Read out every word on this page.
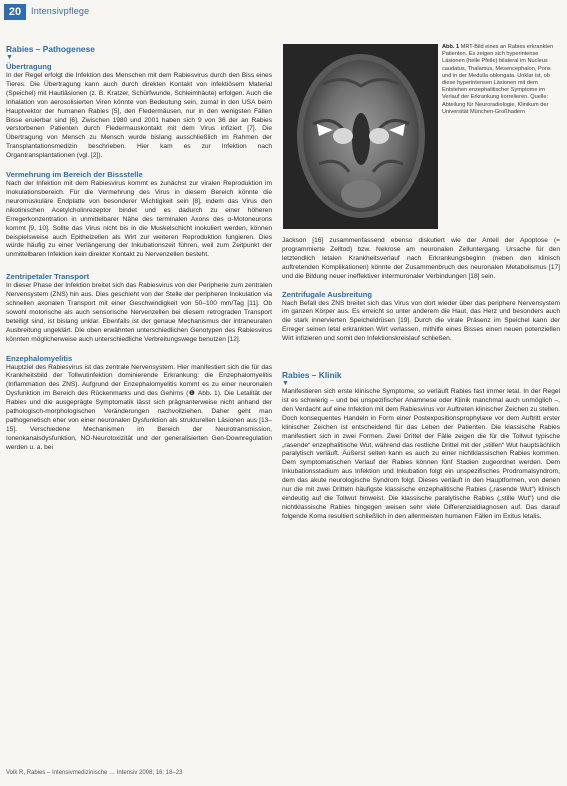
20	Intensivpflege
Rabies – Pathogenese
▼
Übertragung

In der Regel erfolgt die Infektion des Menschen mit dem Rabiesvirus durch den Biss eines Tieres. Die Übertragung kann auch durch direkten Kontakt von infektiösem Material (Speichel) mit Hautläsionen (z. B. Kratzer, Schürfwunde, Schleimhäute) erfolgen. Auch die Inhalation von aerosolisierten Viren könnte von Bedeutung sein, zumal in den USA beim Hauptvektor der humanen Rabies [5], den Fledermäusen, nur in den wenigsten Fällen Bisse eruierbar sind [6]. Zwischen 1980 und 2001 haben sich 9 von 36 der an Rabies verstorbenen Patienten durch Fledermauskontakt mit dem Virus infiziert [7]. Die Übertragung von Mensch zu Mensch wurde bislang ausschließlich im Rahmen der Transplantationsmedizin beschrieben. Hier kam es zur Infektion nach Organtransplantationen (vgl. [2]).

Vermehrung im Bereich der Bissstelle

Nach der Infektion mit dem Rabiesvirus kommt es zunächst zur viralen Reproduktion im Inokulationsbereich. Für die Vermehrung des Virus in diesem Bereich könnte die neuromuskuläre Endplatte von besonderer Wichtigkeit sein [8], indem das Virus den nikotinischen Acetylcholinrezeptor bindet und es dadurch zu einer höheren Erregerkonzentration in unmittelbarer Nähe des terminalen Axons des α-Motoneurons kommt [9, 10]. Sollte das Virus nicht bis in die Muskelschicht inokuliert werden, können beispielsweise auch Epithelzellen als Wirt zur weiteren Reproduktion fungieren. Dies würde häufig zu einer Verlängerung der Inkubationszeit führen, weil zum Zeitpunkt der unmittelbaren Infektion kein direkter Kontakt zu Nervenzellen besteht.

Zentripetaler Transport

In dieser Phase der Infektion breitet sich das Rabiesvirus von der Peripherie zum zentralen Nervensystem (ZNS) hin aus. Dies geschieht von der Stelle der peripheren Inokulation via schnellen axonalen Transport mit einer Geschwindigkeit von 50–100 mm/Tag [11]. Ob sowohl motorische als auch sensorische Nervenzellen bei diesem retrograden Transport beteiligt sind, ist bislang unklar. Ebenfalls ist der genaue Mechanismus der intraneuralen Ausbreitung ungeklärt. Die oben erwähnten unterschiedlichen Genotypen des Rabiesvirus könnten möglicherweise auch unterschiedliche Verbreitungswege benutzen [12].

Enzephalomyelitis

Hauptziel des Rabiesvirus ist das zentrale Nervensystem. Hier manifestiert sich die für das Krankheitsbild der Tollwutinfektion dominierende Erkrankung: die Enzephalomyelitis (Inflammation des ZNS). Aufgrund der Enzephalomyelitis kommt es zu einer neuronalen Dysfunktion im Bereich des Rückenmarks und des Gehirns (❶ Abb. 1). Die Letalität der Rabies und die ausgeprägte Symptomatik lässt sich prägnanterweise nicht anhand der pathologisch-morphologischen Veränderungen nachvollziehen. Daher geht man pathogenetisch eher von einer neuronalen Dysfunktion als strukturellen Läsionen aus [13–15]. Verschiedene Mechanismen im Bereich der Neurotransmission, Ionenkanalsdysfunktion, NO-Neurotoxizität und der generalisierten Gen-Downregulation werden u. a. bei

Abb. 1 MRT-Bild eines an Rabies erkrankten Patienten. Es zeigen sich hyperintense Läsionen (helle Pfeile) bilateral im Nucleus caudatus, Thalamus, Mesencephalon, Pons und in der Medulla oblongata. Unklar ist, ob diese hyperintensen Läsionen mit dem Entstehen enzephalitischer Symptome im Verlauf der Erkrankung korrelieren. Quelle: Abteilung für Neuroradiologie, Klinikum der Universität München-Großhadern

Jackson [16] zusammenfassend ebenso diskutiert wie der Anteil der Apoptose (= programmierte Zelltod) bzw. Nekrose am neuronalen Zelluntergang. Ursache für den letztendlich letalen Krankheitsverlauf nach Erkrankungsbeginn (neben den klinisch auftretenden Komplikationen) könnte der Zusammenbruch des neuronalen Metabolismus [17] und die Bildung neuer ineffektiver intermuronaler Verbindungen [18] sein.

Zentrifugale Ausbreitung

Nach Befall des ZNS breitet sich das Virus von dort wieder über das periphere Nervensystem im ganzen Körper aus. Es erreicht so unter anderem die Haut, das Herz und besonders auch die stark innervierten Speicheldrüsen [19]. Durch die virale Präsenz im Speichel kann der Erreger seinen letal erkrankten Wirt verlassen, mithilfe eines Bisses einen neuen potenziellen Wirt infizieren und somit den Infektionskreislauf schließen.

Rabies – Klinik
▼

Manifestieren sich erste klinische Symptome, so verläuft Rabies fast immer letal. In der Regel ist es schwierig – und bei unspezifischer Anamnese oder Klinik manchmal auch unmöglich –, den Verdacht auf eine Infektion mit dem Rabiesvirus vor Auftreten klinischer Zeichen zu stellen. Doch konsequentes Handeln in Form einer Postexpositionsprophylaxe vor dem Auftritt erster klinischer Zeichen ist entscheidend für das Leben der Patienten. Die klassische Rabies manifestiert sich in zwei Formen. Zwei Drittel der Fälle zeigen die für die Tollwut typische „rasende“ enzephalitische Wut, während das restliche Drittel mit der „stillen“ Wut hauptsächlich paralytisch verläuft. Äußerst selten kann es auch zu einer nichtklassischen Rabies kommen. Dem symptomatischen Verlauf der Rabies können fünf Stadien zugeordnet werden. Dem Inkubationsstadium aus Infektion und Inkubation folgt ein unspezifisches Prodromalsyndrom, dem das akute neurologische Syndrom folgt. Dieses verläuft in den Hauptformen, von denen nur die mit zwei Dritteln häufigste klassische enzephalitische Rabies („rasende Wut“) klinisch eindeutig auf die Tollwut hinweist. Die klassische paralytische Rabies („stille Wut“) und die nichtklassische Rabies hingegen weisen sehr viele Differenzialdiagnosen auf. Das darauf folgende Koma resultiert schließlich in den allermeisten humanen Fällen im Exitus letalis.

Volk R, Rabies – Intensivmedizinische … Intensiv 2008; 16: 18–23
